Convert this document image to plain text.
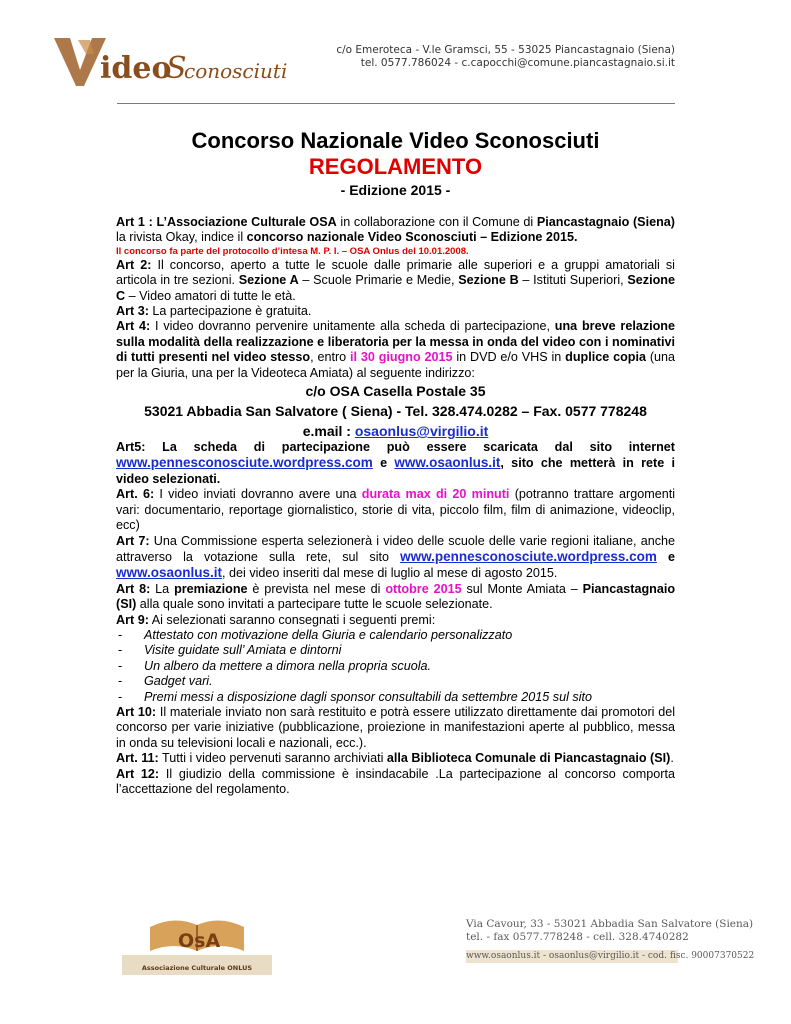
ideo
S
conosciuti
c/o Emeroteca - V.le Gramsci, 55 - 53025 Piancastagnaio (Siena)
tel. 0577.786024 - c.capocchi@comune.piancastagnaio.si.it
Concorso Nazionale Video Sconosciuti
REGOLAMENTO
- Edizione 2015 -

Art 1 : L’Associazione Culturale OSA in collaborazione con il Comune di Piancastagnaio (Siena) la rivista Okay, indice il concorso nazionale Video Sconosciuti – Edizione 2015.

Il concorso fa parte del protocollo d’intesa M. P. I. – OSA Onlus del 10.01.2008.

Art 2: Il concorso, aperto a tutte le scuole dalle primarie alle superiori e a gruppi amatoriali si articola in tre sezioni. Sezione A – Scuole Primarie e Medie, Sezione B – Istituti Superiori, Sezione C – Video amatori di tutte le età.

Art 3: La partecipazione è gratuita.

Art 4: I video dovranno pervenire unitamente alla scheda di partecipazione, una breve relazione sulla modalità della realizzazione e liberatoria per la messa in onda del video con i nominativi di tutti presenti nel video stesso, entro il 30 giugno 2015 in DVD e/o VHS in duplice copia (una per la Giuria, una per la Videoteca Amiata) al seguente indirizzo:

c/o OSA Casella Postale 35

53021 Abbadia San Salvatore ( Siena) - Tel. 328.474.0282 – Fax. 0577 778248

e.mail : osaonlus@virgilio.it

Art5: La scheda di partecipazione può essere scaricata dal sito internet www.pennesconosciute.wordpress.com e www.osaonlus.it, sito che metterà in rete i video selezionati.

Art. 6: I video inviati dovranno avere una durata max di 20 minuti (potranno trattare argomenti vari: documentario, reportage giornalistico, storie di vita, piccolo film, film di animazione, videoclip, ecc)

Art 7: Una Commissione esperta selezionerà i video delle scuole delle varie regioni italiane, anche attraverso la votazione sulla rete, sul sito www.pennesconosciute.wordpress.com e www.osaonlus.it, dei video inseriti dal mese di luglio al mese di agosto 2015.

Art 8: La premiazione è prevista nel mese di ottobre 2015 sul Monte Amiata – Piancastagnaio (SI) alla quale sono invitati a partecipare tutte le scuole selezionate.

Art 9: Ai selezionati saranno consegnati i seguenti premi:

- Attestato con motivazione della Giuria e calendario personalizzato
- Visite guidate sull’ Amiata e dintorni
- Un albero da mettere a dimora nella propria scuola.
- Gadget vari.
- Premi messi a disposizione dagli sponsor consultabili da settembre 2015 sul sito

Art 10: Il materiale inviato non sarà restituito e potrà essere utilizzato direttamente dai promotori del concorso per varie iniziative (pubblicazione, proiezione in manifestazioni aperte al pubblico, messa in onda su televisioni locali e nazionali, ecc.).

Art. 11: Tutti i video pervenuti saranno archiviati alla Biblioteca Comunale di Piancastagnaio (SI).

Art 12: Il giudizio della commissione è insindacabile .La partecipazione al concorso comporta l’accettazione del regolamento.

OsA
Associazione Culturale ONLUS
Via Cavour, 33 - 53021 Abbadia San Salvatore (Siena)
tel. - fax 0577.778248 - cell. 328.4740282
www.osaonlus.it - osaonlus@virgilio.it - cod. fisc. 90007370522
